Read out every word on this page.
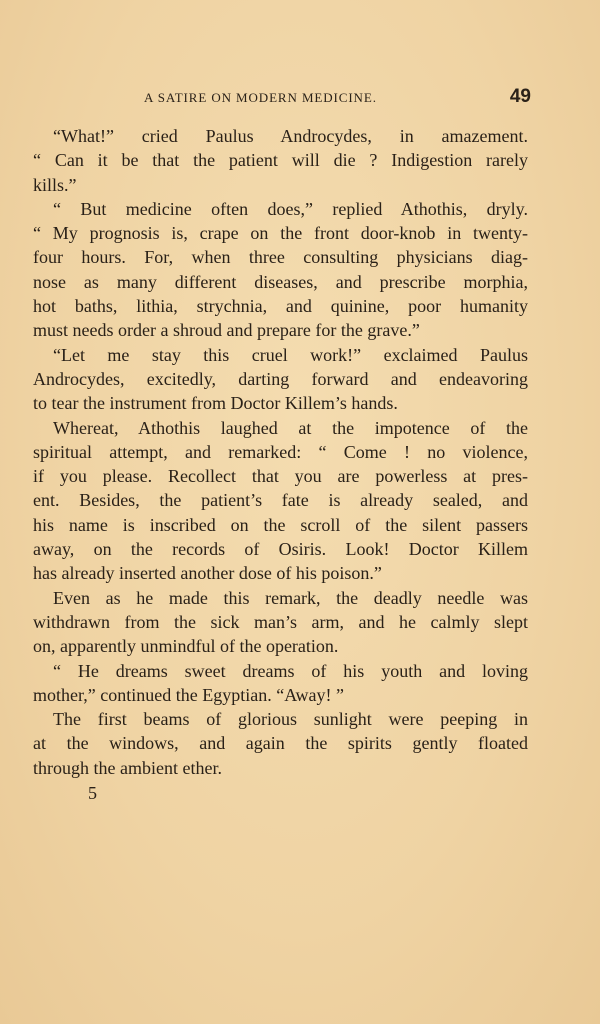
A SATIRE ON MODERN MEDICINE.	49
“What!” cried Paulus Androcydes, in amazement.
“ Can it be that the patient will die ? Indigestion rarely
kills.”
“ But medicine often does,” replied Athothis, dryly.
“ My prognosis is, crape on the front door-knob in twenty-
four hours. For, when three consulting physicians diag-
nose as many different diseases, and prescribe morphia,
hot baths, lithia, strychnia, and quinine, poor humanity
must needs order a shroud and prepare for the grave.”
“Let me stay this cruel work!” exclaimed Paulus
Androcydes, excitedly, darting forward and endeavoring
to tear the instrument from Doctor Killem’s hands.
Whereat, Athothis laughed at the impotence of the
spiritual attempt, and remarked: “ Come ! no violence,
if you please. Recollect that you are powerless at pres-
ent. Besides, the patient’s fate is already sealed, and
his name is inscribed on the scroll of the silent passers
away, on the records of Osiris. Look! Doctor Killem
has already inserted another dose of his poison.”
Even as he made this remark, the deadly needle was
withdrawn from the sick man’s arm, and he calmly slept
on, apparently unmindful of the operation.
“ He dreams sweet dreams of his youth and loving
mother,” continued the Egyptian. “Away! ”
The first beams of glorious sunlight were peeping in
at the windows, and again the spirits gently floated
through the ambient ether.
5
